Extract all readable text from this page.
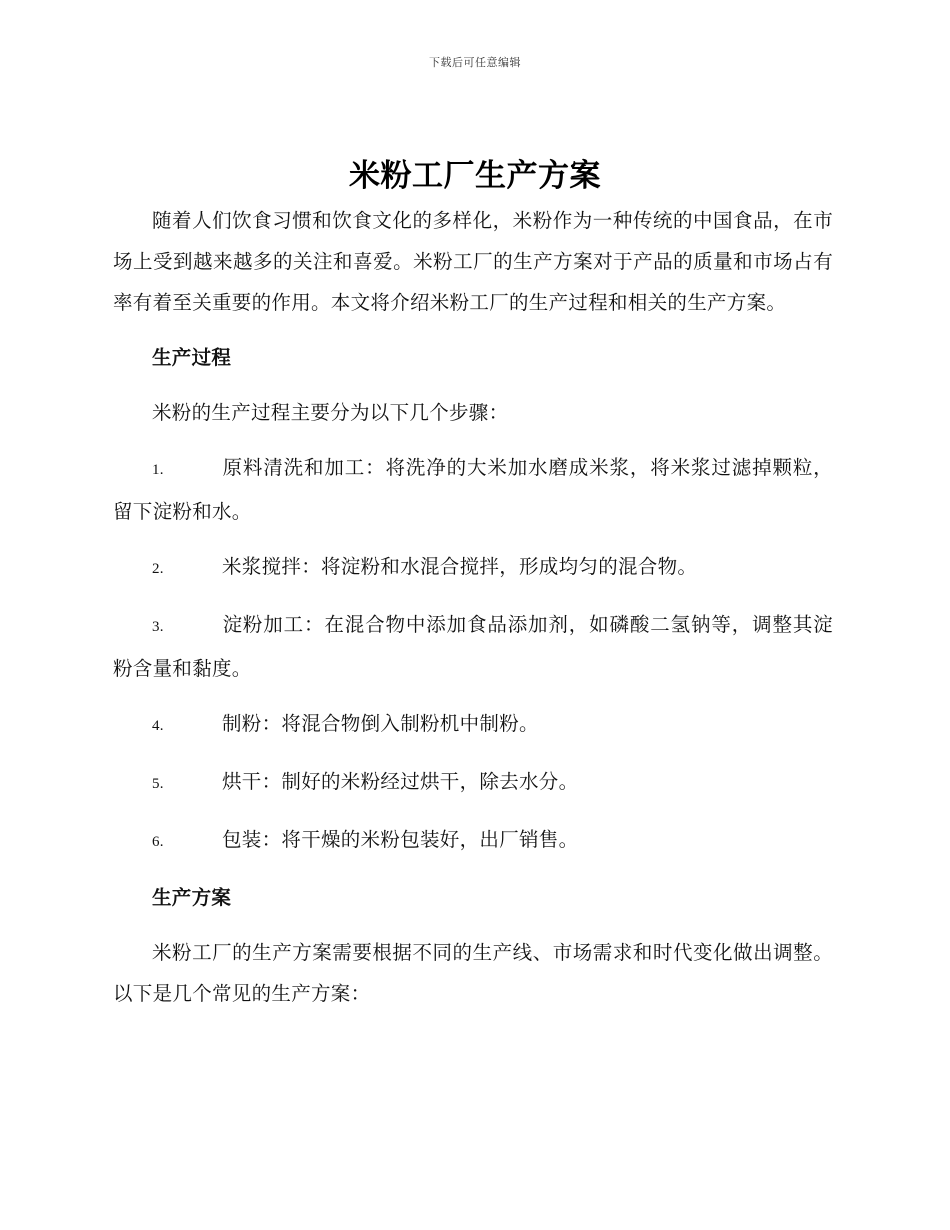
下载后可任意编辑
米粉工厂生产方案

随着人们饮食习惯和饮食文化的多样化，米粉作为一种传统的中国食品，在市场上受到越来越多的关注和喜爱。米粉工厂的生产方案对于产品的质量和市场占有率有着至关重要的作用。本文将介绍米粉工厂的生产过程和相关的生产方案。

生产过程

米粉的生产过程主要分为以下几个步骤：

1.	原料清洗和加工：将洗净的大米加水磨成米浆，将米浆过滤掉颗粒，留下淀粉和水。

2.	米浆搅拌：将淀粉和水混合搅拌，形成均匀的混合物。

3.	淀粉加工：在混合物中添加食品添加剂，如磷酸二氢钠等，调整其淀粉含量和黏度。

4.	制粉：将混合物倒入制粉机中制粉。

5.	烘干：制好的米粉经过烘干，除去水分。

6.	包装：将干燥的米粉包装好，出厂销售。

生产方案

米粉工厂的生产方案需要根据不同的生产线、市场需求和时代变化做出调整。以下是几个常见的生产方案：
